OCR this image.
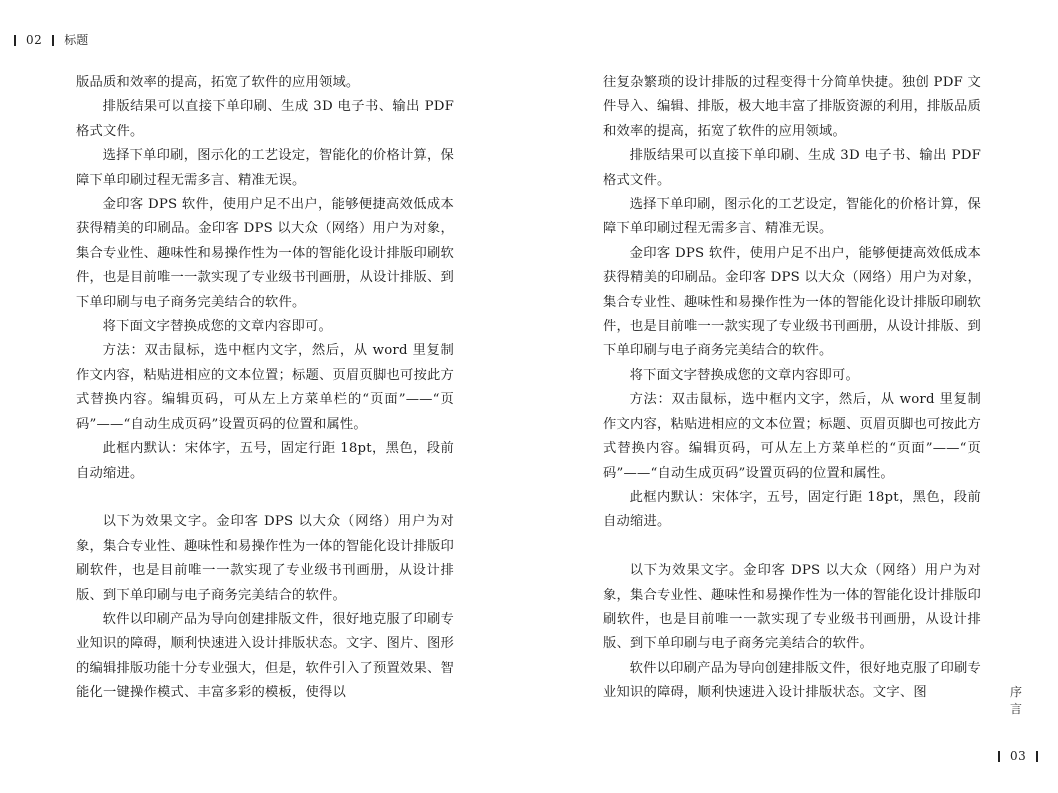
02 标题

版品质和效率的提高，拓宽了软件的应用领域。

排版结果可以直接下单印刷、生成 3D 电子书、输出 PDF 格式文件。

选择下单印刷，图示化的工艺设定，智能化的价格计算，保障下单印刷过程无需多言、精准无误。

金印客 DPS 软件，使用户足不出户，能够便捷高效低成本获得精美的印刷品。金印客 DPS 以大众（网络）用户为对象，集合专业性、趣味性和易操作性为一体的智能化设计排版印刷软件，也是目前唯一一款实现了专业级书刊画册，从设计排版、到下单印刷与电子商务完美结合的软件。

将下面文字替换成您的文章内容即可。

方法：双击鼠标，选中框内文字，然后，从 word 里复制作文内容，粘贴进相应的文本位置；标题、页眉页脚也可按此方式替换内容。编辑页码，可从左上方菜单栏的“页面”——“页码”——“自动生成页码”设置页码的位置和属性。

此框内默认：宋体字，五号，固定行距 18pt，黑色，段前自动缩进。

以下为效果文字。金印客 DPS 以大众（网络）用户为对象，集合专业性、趣味性和易操作性为一体的智能化设计排版印刷软件，也是目前唯一一款实现了专业级书刊画册，从设计排版、到下单印刷与电子商务完美结合的软件。

软件以印刷产品为导向创建排版文件，很好地克服了印刷专业知识的障碍，顺利快速进入设计排版状态。文字、图片、图形的编辑排版功能十分专业强大，但是，软件引入了预置效果、智能化一键操作模式、丰富多彩的模板，使得以

往复杂繁琐的设计排版的过程变得十分简单快捷。独创 PDF 文件导入、编辑、排版，极大地丰富了排版资源的利用，排版品质和效率的提高，拓宽了软件的应用领域。

排版结果可以直接下单印刷、生成 3D 电子书、输出 PDF 格式文件。

选择下单印刷，图示化的工艺设定，智能化的价格计算，保障下单印刷过程无需多言、精准无误。

金印客 DPS 软件，使用户足不出户，能够便捷高效低成本获得精美的印刷品。金印客 DPS 以大众（网络）用户为对象，集合专业性、趣味性和易操作性为一体的智能化设计排版印刷软件，也是目前唯一一款实现了专业级书刊画册，从设计排版、到下单印刷与电子商务完美结合的软件。

将下面文字替换成您的文章内容即可。

方法：双击鼠标，选中框内文字，然后，从 word 里复制作文内容，粘贴进相应的文本位置；标题、页眉页脚也可按此方式替换内容。编辑页码，可从左上方菜单栏的“页面”——“页码”——“自动生成页码”设置页码的位置和属性。

此框内默认：宋体字，五号，固定行距 18pt，黑色，段前自动缩进。

以下为效果文字。金印客 DPS 以大众（网络）用户为对象，集合专业性、趣味性和易操作性为一体的智能化设计排版印刷软件，也是目前唯一一款实现了专业级书刊画册，从设计排版、到下单印刷与电子商务完美结合的软件。

软件以印刷产品为导向创建排版文件，很好地克服了印刷专业知识的障碍，顺利快速进入设计排版状态。文字、图	序
言
03
